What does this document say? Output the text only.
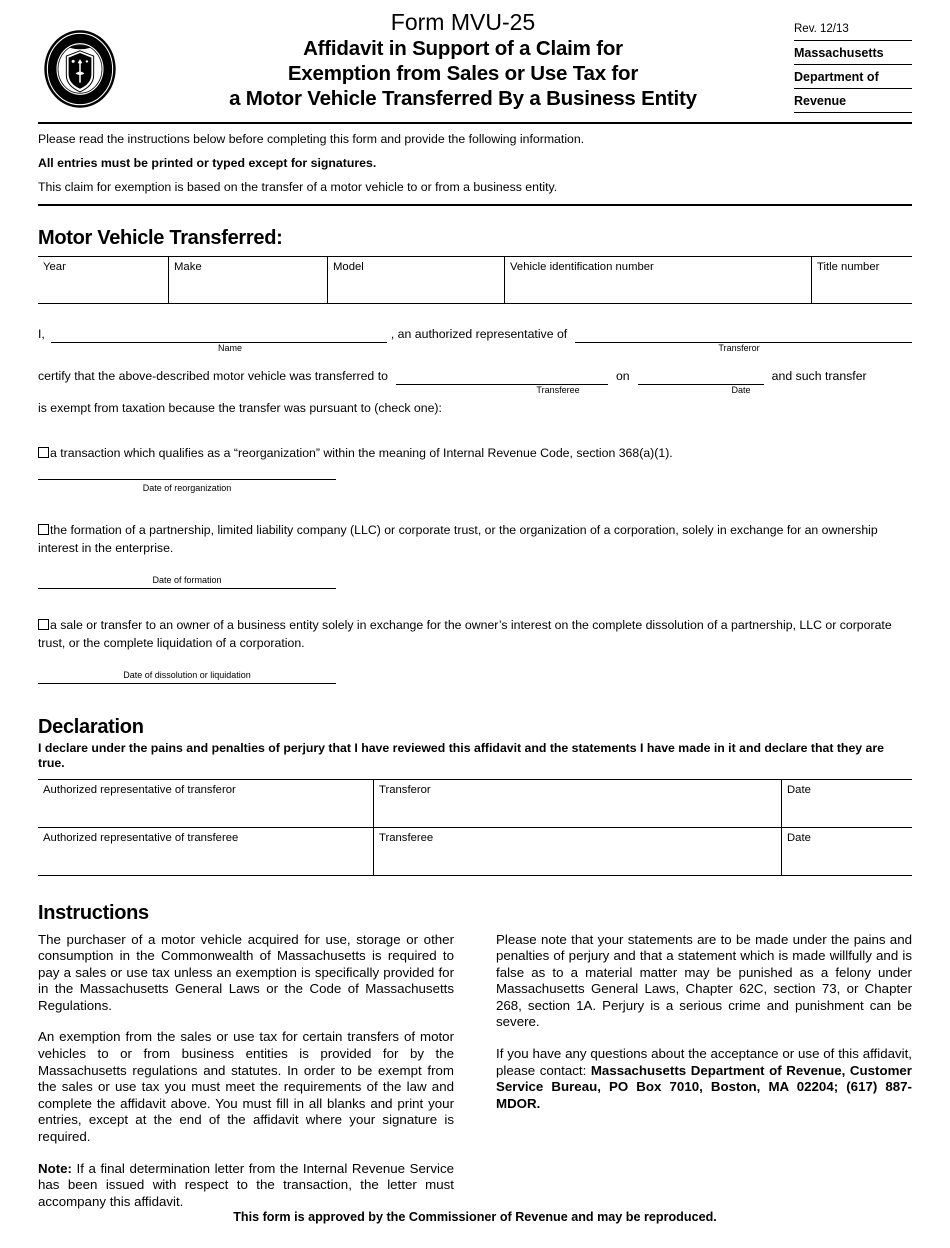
Form MVU-25
Affidavit in Support of a Claim for
Exemption from Sales or Use Tax for
a Motor Vehicle Transferred By a Business Entity
Rev. 12/13
Massachusetts
Department of
Revenue

Please read the instructions below before completing this form and provide the following information.

All entries must be printed or typed except for signatures.

This claim for exemption is based on the transfer of a motor vehicle to or from a business entity.

Motor Vehicle Transferred:
Year	Make	Model	Vehicle identification number	Title number
I,	, an authorized representative of
Name	Transferor
certify that the above-described motor vehicle was transferred to	on	and such transfer
Transferee	Date
is exempt from taxation because the transfer was pursuant to (check one):
a transaction which qualifies as a “reorganization” within the meaning of Internal Revenue Code, section 368(a)(1).
Date of reorganization
the formation of a partnership, limited liability company (LLC) or corporate trust, or the organization of a corporation, solely in exchange for an ownership interest in the enterprise.
Date of formation
a sale or transfer to an owner of a business entity solely in exchange for the owner’s interest on the complete dissolution of a partnership, LLC or corporate trust, or the complete liquidation of a corporation.
Date of dissolution or liquidation
Declaration

I declare under the pains and penalties of perjury that I have reviewed this affidavit and the statements I have made in it and declare that they are true.

Authorized representative of transferor	Transferor	Date
Authorized representative of transferee	Transferee	Date
Instructions

The purchaser of a motor vehicle acquired for use, storage or other consumption in the Commonwealth of Massachusetts is required to pay a sales or use tax unless an exemption is specifically provided for in the Massachusetts General Laws or the Code of Massachusetts Regulations.

An exemption from the sales or use tax for certain transfers of motor vehicles to or from business entities is provided for by the Massachusetts regulations and statutes. In order to be exempt from the sales or use tax you must meet the requirements of the law and complete the affidavit above. You must fill in all blanks and print your entries, except at the end of the affidavit where your signature is required.

Note: If a final determination letter from the Internal Revenue Service has been issued with respect to the transaction, the letter must accompany this affidavit.

Please note that your statements are to be made under the pains and penalties of perjury and that a statement which is made willfully and is false as to a material matter may be punished as a felony under Massachusetts General Laws, Chapter 62C, section 73, or Chapter 268, section 1A. Perjury is a serious crime and punishment can be severe.

If you have any questions about the acceptance or use of this affidavit, please contact: Massachusetts Department of Revenue, Customer Service Bureau, PO Box 7010, Boston, MA 02204; (617) 887-MDOR.

This form is approved by the Commissioner of Revenue and may be reproduced.
